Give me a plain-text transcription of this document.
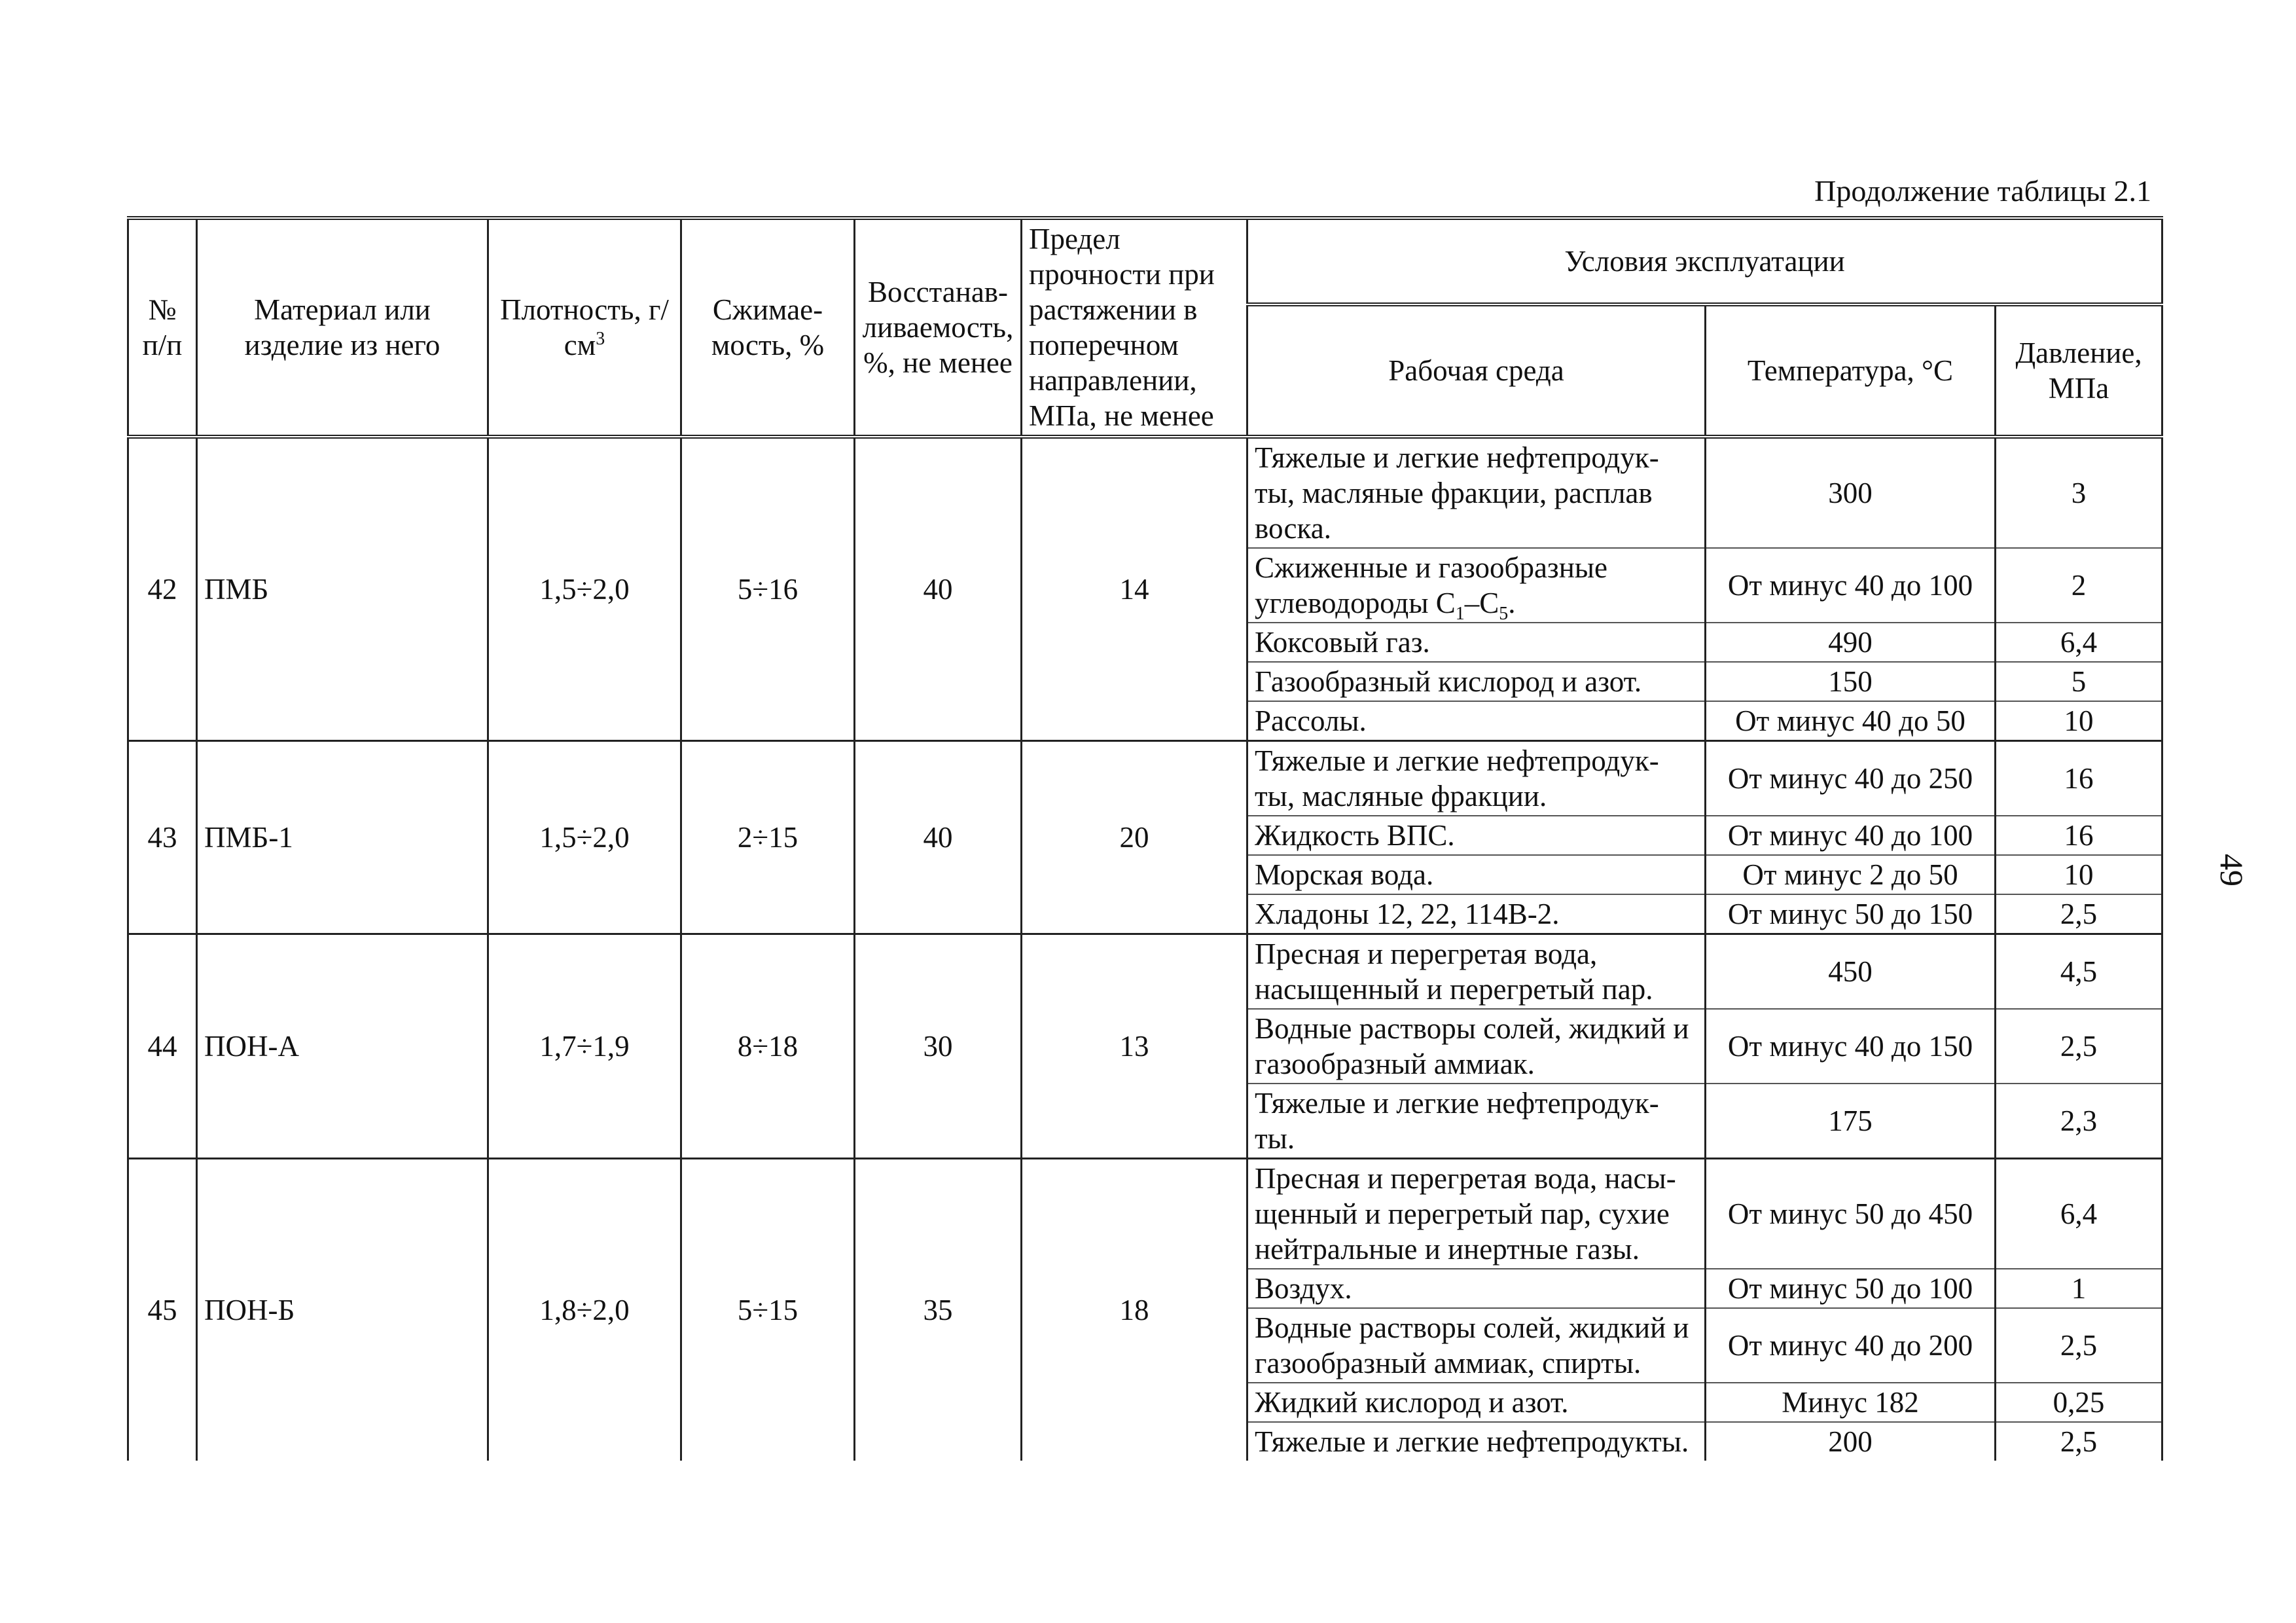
Продолжение таблицы 2.1
49
№ п/п	Материал или изделие из него	Плотность, $г/см^3$	Сжимае-мость, %	Восстанав-ливаемость, %, не менее	Предел прочности при растяжении в поперечном направлении, МПа, не менее	Условия эксплуатации		
						Рабочая среда	Температура, °C	Давление, МПа
42	ПМБ	1,5÷2,0	5÷16	40	14	Тяжелые и легкие нефтепродук-ты, масляные фракции, расплав воска.	300	3
						Сжиженные и газообразные углеводороды $C_1-C_5$.	От минус 40 до 100	2
						Коксовый газ.	490	6,4
						Газообразный кислород и азот.	150	5
						Рассолы.	От минус 40 до 50	10
43	ПМБ-1	1,5÷2,0	2÷15	40	20	Тяжелые и легкие нефтепродук-ты, масляные фракции.	От минус 40 до 250	16
						Жидкость ВПС.	От минус 40 до 100	16
						Морская вода.	От минус 2 до 50	10
						Хладоны 12, 22, 114B-2.	От минус 50 до 150	2,5
44	ПОН-А	1,7÷1,9	8÷18	30	13	Пресная и перегретая вода, насыщенный и перегретый пар.	450	4,5
						Водные растворы солей, жидкий и газообразный аммиак.	От минус 40 до 150	2,5
						Тяжелые и легкие нефтепродук-ты.	175	2,3
45	ПОН-Б	1,8÷2,0	5÷15	35	18	Пресная и перегретая вода, насы-щенный и перегретый пар, сухие нейтральные и инертные газы.	От минус 50 до 450	6,4
						Воздух.	От минус 50 до 100	1
						Водные растворы солей, жидкий и газообразный аммиак, спирты.	От минус 40 до 200	2,5
						Жидкий кислород и азот.	Минус 182	0,25
						Тяжелые и легкие нефтепродукты.	200	2,5
